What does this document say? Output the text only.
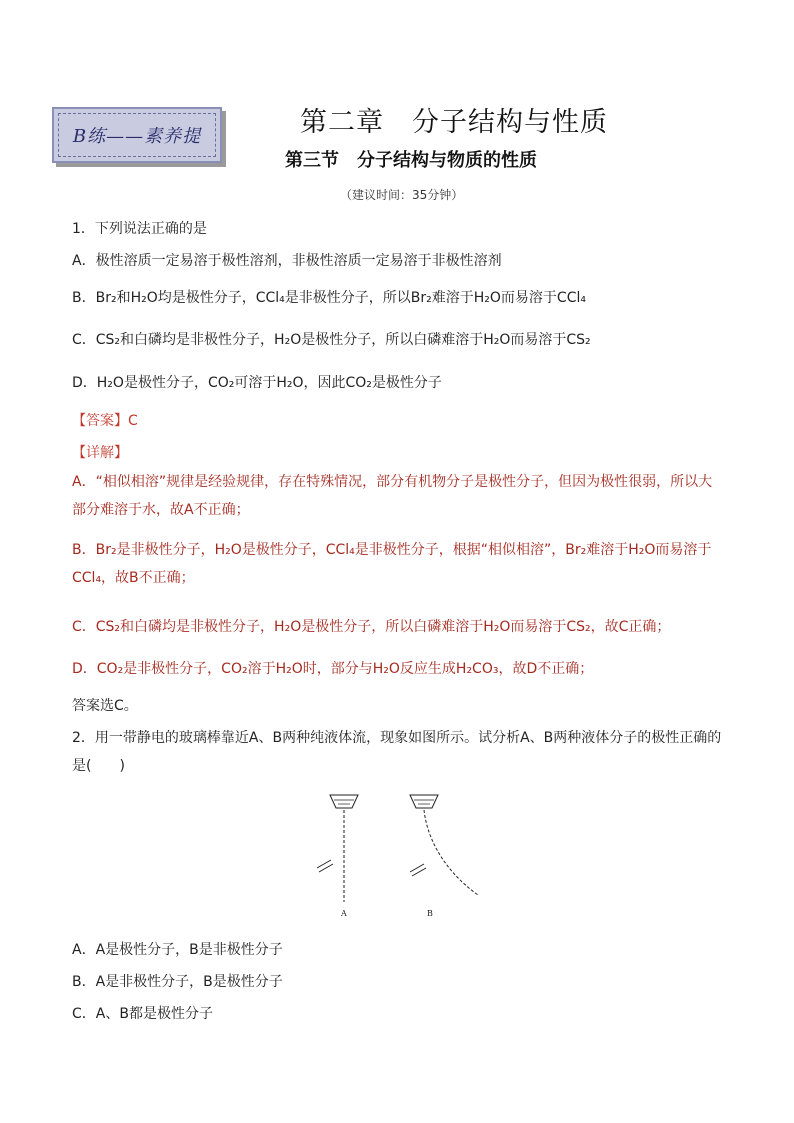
B练——素养提	第二章　分子结构与性质
第三节 分子结构与物质的性质
（建议时间：35分钟）
1．下列说法正确的是
A．极性溶质一定易溶于极性溶剂，非极性溶质一定易溶于非极性溶剂
B．Br₂和H₂O均是极性分子，CCl₄是非极性分子，所以Br₂难溶于H₂O而易溶于CCl₄
C．CS₂和白磷均是非极性分子，H₂O是极性分子，所以白磷难溶于H₂O而易溶于CS₂
D．H₂O是极性分子，CO₂可溶于H₂O，因此CO₂是极性分子
【答案】C
【详解】
A．“相似相溶”规律是经验规律，存在特殊情况，部分有机物分子是极性分子，但因为极性很弱，所以大部分难溶于水，故A不正确；
B．Br₂是非极性分子，H₂O是极性分子，CCl₄是非极性分子，根据“相似相溶”，Br₂难溶于H₂O而易溶于CCl₄，故B不正确；
C．CS₂和白磷均是非极性分子，H₂O是极性分子，所以白磷难溶于H₂O而易溶于CS₂，故C正确；
D．CO₂是非极性分子，CO₂溶于H₂O时，部分与H₂O反应生成H₂CO₃，故D不正确；
答案选C。
2．用一带静电的玻璃棒靠近A、B两种纯液体流，现象如图所示。试分析A、B两种液体分子的极性正确的是(　　)
A	B
A．A是极性分子，B是非极性分子
B．A是非极性分子，B是极性分子
C．A、B都是极性分子
